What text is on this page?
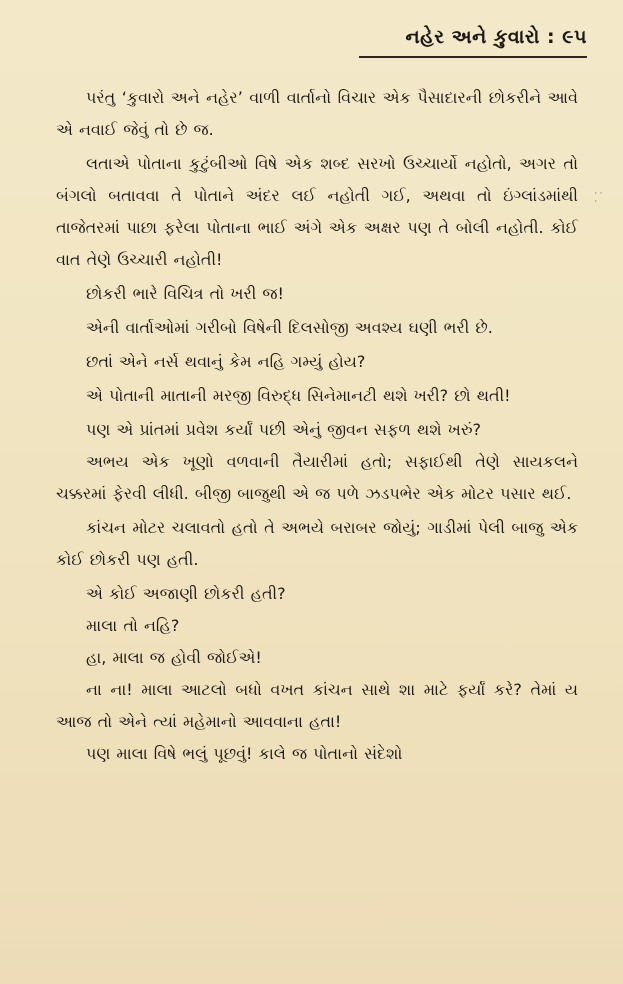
નહેર અને કુવારો : ૯૫
··
·

પરંતુ ‘કુવારો અને નહેર’ વાળી વાર્તાનો વિચાર એક પૈસાદારની છોકરીને આવે એ નવાઈ જેવું તો છે જ.

લતાએ પોતાના કુટુંબીઓ વિષે એક શબ્દ સરખો ઉચ્ચાર્યો નહોતો, અગર તો બંગલો બતાવવા તે પોતાને અંદર લઈ નહોતી ગઈ, અથવા તો ઇંગ્લાંડમાંથી તાજેતરમાં પાછા ફરેલા પોતાના ભાઈ અંગે એક અક્ષર પણ તે બોલી નહોતી. કોઈ વાત તેણે ઉચ્ચારી નહોતી!

છોકરી ભારે વિચિત્ર તો ખરી જ!

એની વાર્તાઓમાં ગરીબો વિષેની દિલસોજી અવશ્ય ઘણી ભરી છે.

છતાં એને નર્સ થવાનું કેમ નહિ ગમ્યું હોય?

એ પોતાની માતાની મરજી વિરુદ્ધ સિનેમાનટી થશે ખરી? છો થતી!

પણ એ પ્રાંતમાં પ્રવેશ કર્યાં પછી એનું જીવન સફળ થશે ખરું?

અભય એક ખૂણો વળવાની તૈયારીમાં હતો; સફાઈથી તેણે સાયકલને ચક્કરમાં ફેરવી લીધી. બીજી બાજુથી એ જ પળે ઝડપભેર એક મોટર પસાર થઈ.

કાંચન મોટર ચલાવતો હતો તે અભયે બરાબર જોયું; ગાડીમાં પેલી બાજુ એક કોઈ છોકરી પણ હતી.

એ કોઈ અજાણી છોકરી હતી?

માલા તો નહિ?

હા, માલા જ હોવી જોઈએ!

ના ના! માલા આટલો બધો વખત કાંચન સાથે શા માટે ફર્યાં કરે? તેમાં ય આજ તો એને ત્યાં મહેમાનો આવવાના હતા!

પણ માલા વિષે ભલું પૂછવું! કાલે જ પોતાનો સંદેશો
